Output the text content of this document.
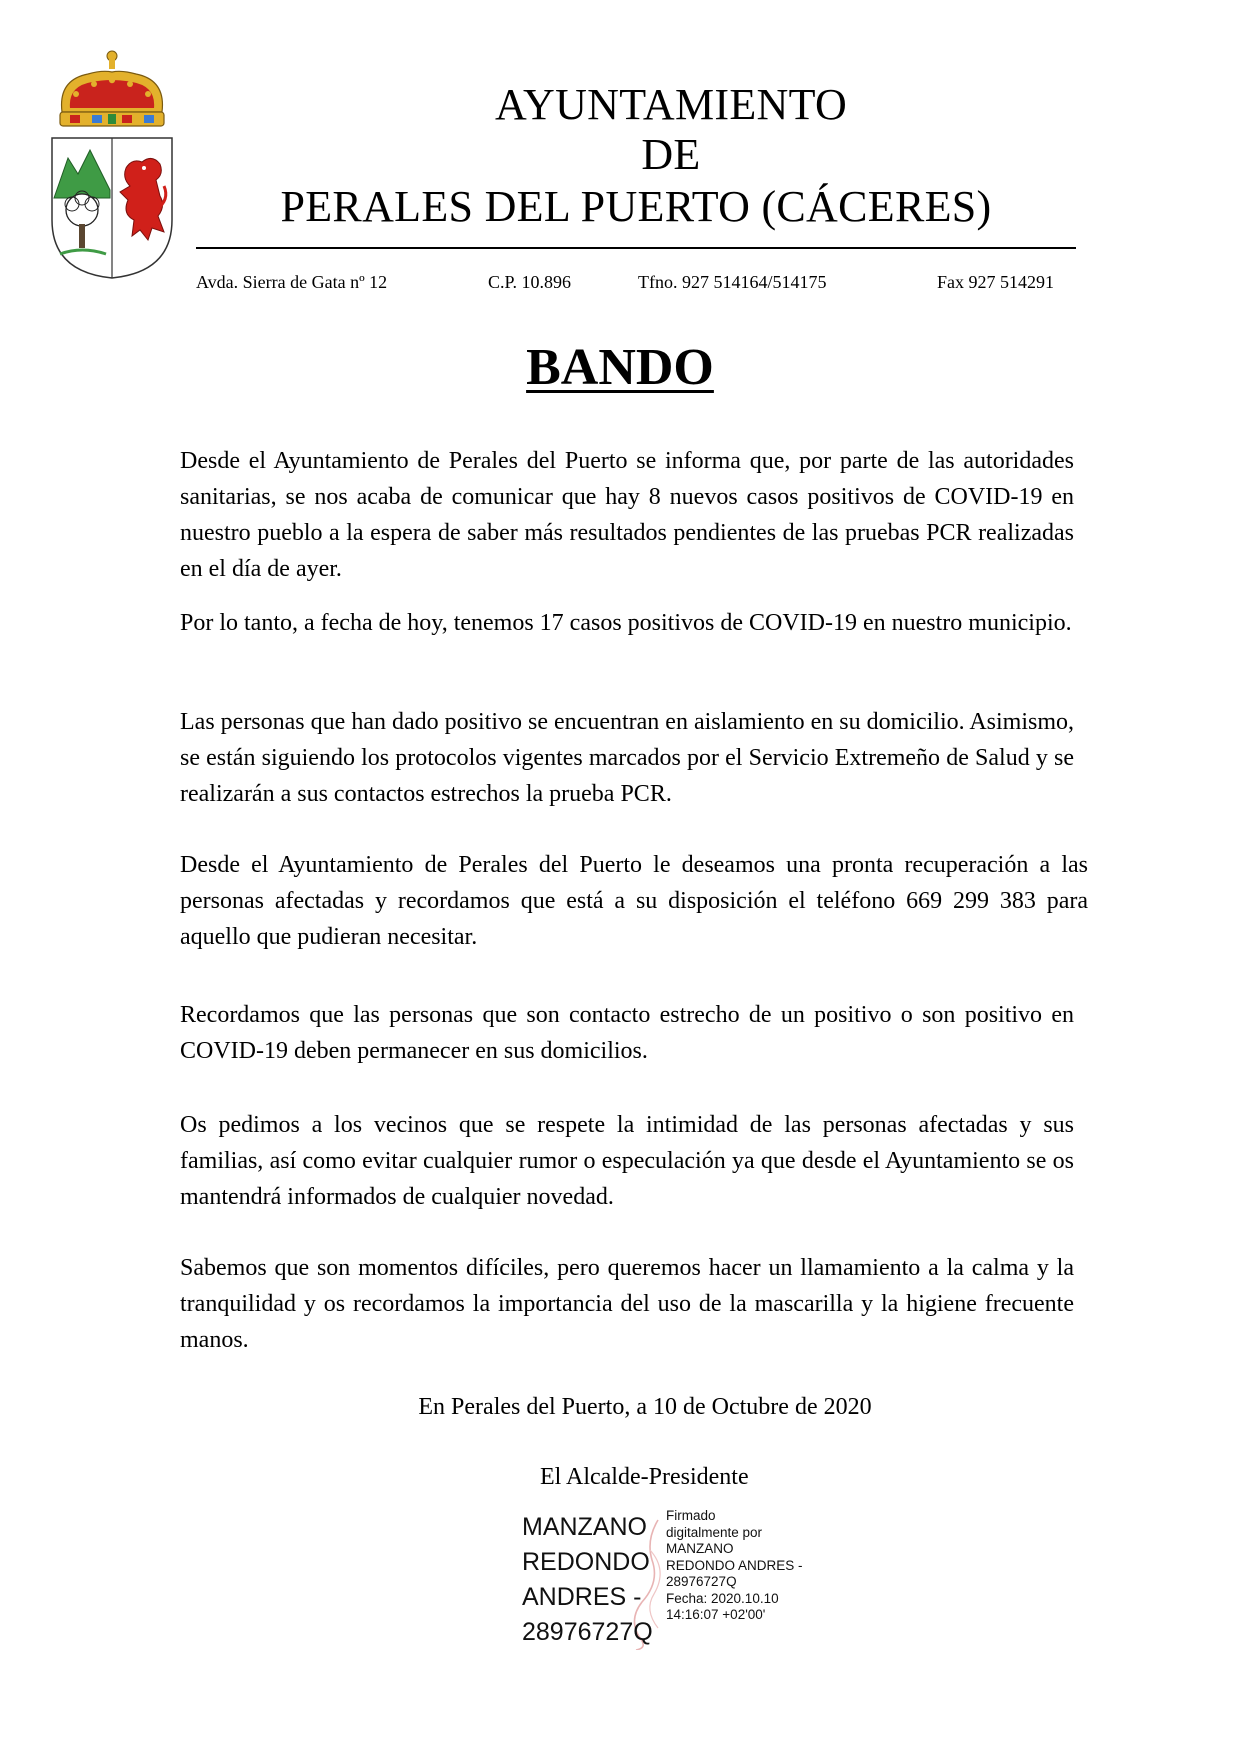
AYUNTAMIENTO
DE
PERALES DEL PUERTO (CÁCERES)
Avda. Sierra de Gata nº 12	C.P. 10.896	Tfno. 927 514164/514175	Fax 927 514291
BANDO
Desde el Ayuntamiento de Perales del Puerto se informa que, por parte de las autoridades sanitarias, se nos acaba de comunicar que hay 8 nuevos casos positivos de COVID-19 en nuestro pueblo a la espera de saber más resultados pendientes de las pruebas PCR realizadas en el día de ayer.
Por lo tanto, a fecha de hoy, tenemos 17 casos positivos de COVID-19 en nuestro municipio.
Las personas que han dado positivo se encuentran en aislamiento en su domicilio. Asimismo, se están siguiendo los protocolos vigentes marcados por el Servicio Extremeño de Salud y se realizarán a sus contactos estrechos la prueba PCR.
Desde el Ayuntamiento de Perales del Puerto le deseamos una pronta recuperación a las personas afectadas y recordamos que está a su disposición el teléfono 669 299 383 para aquello que pudieran necesitar.
Recordamos que las personas que son contacto estrecho de un positivo o son positivo en COVID-19 deben permanecer en sus domicilios.
Os pedimos a los vecinos que se respete la intimidad de las personas afectadas y sus familias, así como evitar cualquier rumor o especulación ya que desde el Ayuntamiento se os mantendrá informados de cualquier novedad.
Sabemos que son momentos difíciles, pero queremos hacer un llamamiento a la calma y la tranquilidad y os recordamos la importancia del uso de la mascarilla y la higiene frecuente manos.
En Perales del Puerto, a 10 de Octubre de 2020
El Alcalde-Presidente
MANZANO
REDONDO
ANDRES -
28976727Q
Firmado
digitalmente por
MANZANO
REDONDO ANDRES -
28976727Q
Fecha: 2020.10.10
14:16:07 +02'00'
